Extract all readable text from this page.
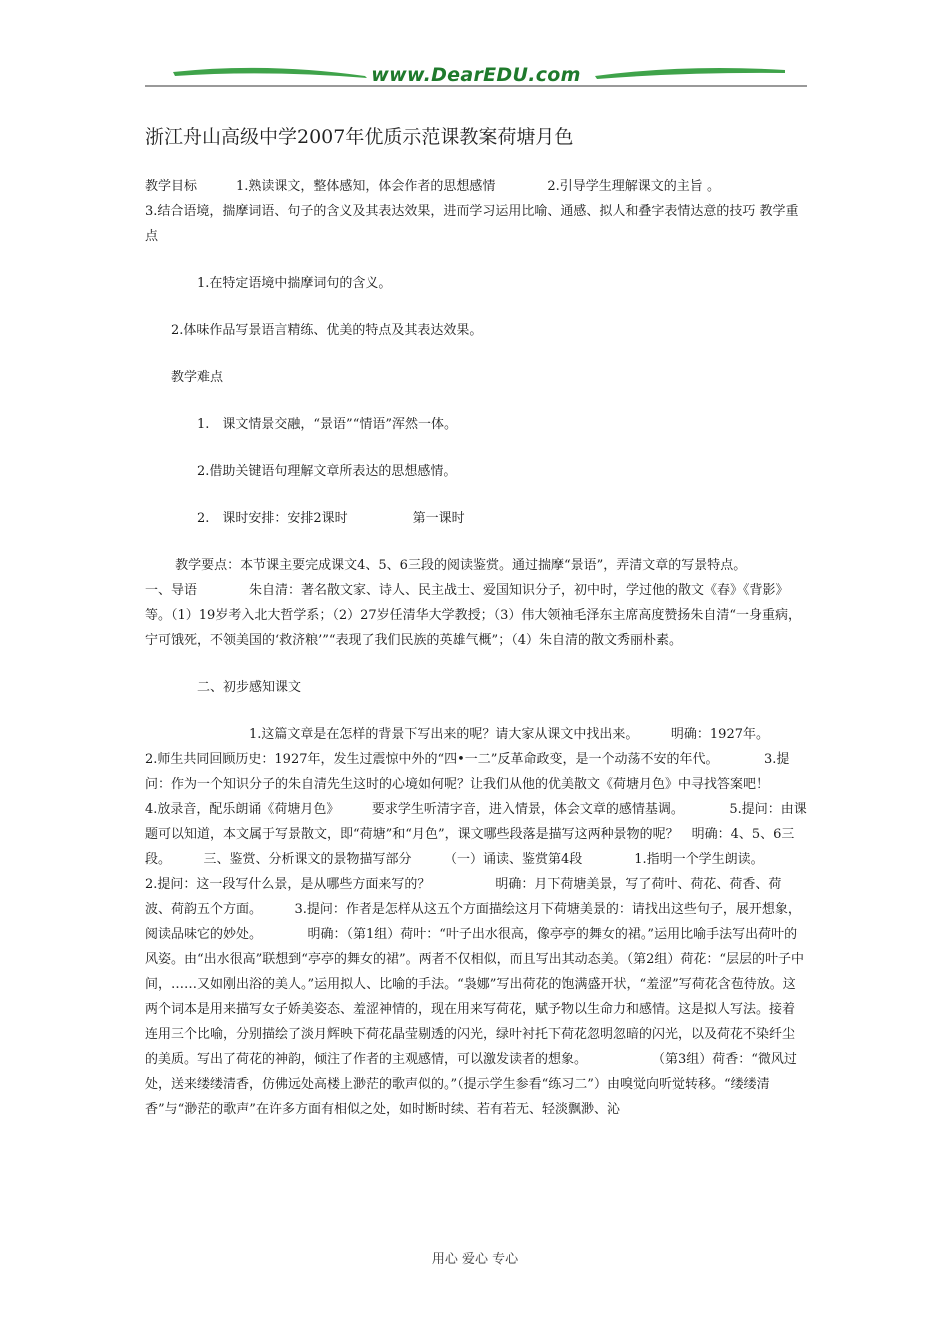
www.DearEDU.com
浙江舟山高级中学2007年优质示范课教案荷塘月色

教学目标　　　1.熟读课文，整体感知，体会作者的思想感情　　　　2.引导学生理解课文的主旨 。　　　　　　 3.结合语境，揣摩词语、句子的含义及其表达效果，进而学习运用比喻、通感、拟人和叠字表情达意的技巧 教学重点

　　　　1.在特定语境中揣摩词句的含义。

　　2.体味作品写景语言精练、优美的特点及其表达效果。

　　教学难点

　　　　1.　课文情景交融，“景语”“情语”浑然一体。

　　　　2.借助关键语句理解文章所表达的思想感情。

　　　　2.　课时安排：安排2课时　　　　　第一课时

　　 教学要点：本节课主要完成课文4、5、6三段的阅读鉴赏。通过揣摩“景语”，弄清文章的写景特点。　　　　一、导语　　　　朱自清：著名散文家、诗人、民主战士、爱国知识分子，初中时，学过他的散文《春》《背影》等。（1）19岁考入北大哲学系；（2）27岁任清华大学教授；（3）伟大领袖毛泽东主席高度赞扬朱自清“一身重病，宁可饿死，不领美国的‘救济粮’”“表现了我们民族的英雄气概”；（4）朱自清的散文秀丽朴素。

　　　　二、初步感知课文

　　　　　　　　1.这篇文章是在怎样的背景下写出来的呢？请大家从课文中找出来。　　　明确：1927年。　　　　2.师生共同回顾历史：1927年，发生过震惊中外的“四•一二”反革命政变，是一个动荡不安的年代。　　　　3.提问：作为一个知识分子的朱自清先生这时的心境如何呢？让我们从他的优美散文《荷塘月色》中寻找答案吧！　　　　4.放录音，配乐朗诵《荷塘月色》　　　要求学生听清字音，进入情景，体会文章的感情基调。　　　　5.提问：由课题可以知道，本文属于写景散文，即“荷塘”和“月色”，课文哪些段落是描写这两种景物的呢？　明确：4、5、6三段。　　　三、鉴赏、分析课文的景物描写部分　　　（一）诵读、鉴赏第4段　　　　1.指明一个学生朗读。　　　2.提问：这一段写什么景，是从哪些方面来写的？　　　　　明确：月下荷塘美景，写了荷叶、荷花、荷香、荷波、荷韵五个方面。　　　3.提问：作者是怎样从这五个方面描绘这月下荷塘美景的：请找出这些句子，展开想象，阅读品味它的妙处。　　　　明确：（第1组）荷叶：“叶子出水很高，像亭亭的舞女的裙。”运用比喻手法写出荷叶的风姿。由“出水很高”联想到“亭亭的舞女的裙”。两者不仅相似，而且写出其动态美。（第2组）荷花：“层层的叶子中间，……又如刚出浴的美人。”运用拟人、比喻的手法。“袅娜”写出荷花的饱满盛开状，“羞涩”写荷花含苞待放。这两个词本是用来描写女子娇美姿态、羞涩神情的，现在用来写荷花，赋予物以生命力和感情。这是拟人写法。接着连用三个比喻，分别描绘了淡月辉映下荷花晶莹剔透的闪光，绿叶衬托下荷花忽明忽暗的闪光，以及荷花不染纤尘的美质。写出了荷花的神韵，倾注了作者的主观感情，可以激发读者的想象。　　　　　　（第3组）荷香：“微风过处，送来缕缕清香，仿佛远处高楼上渺茫的歌声似的。”（提示学生参看“练习二”）由嗅觉向听觉转移。“缕缕清香”与“渺茫的歌声”在许多方面有相似之处，如时断时续、若有若无、轻淡飘渺、沁

用心 爱心 专心
